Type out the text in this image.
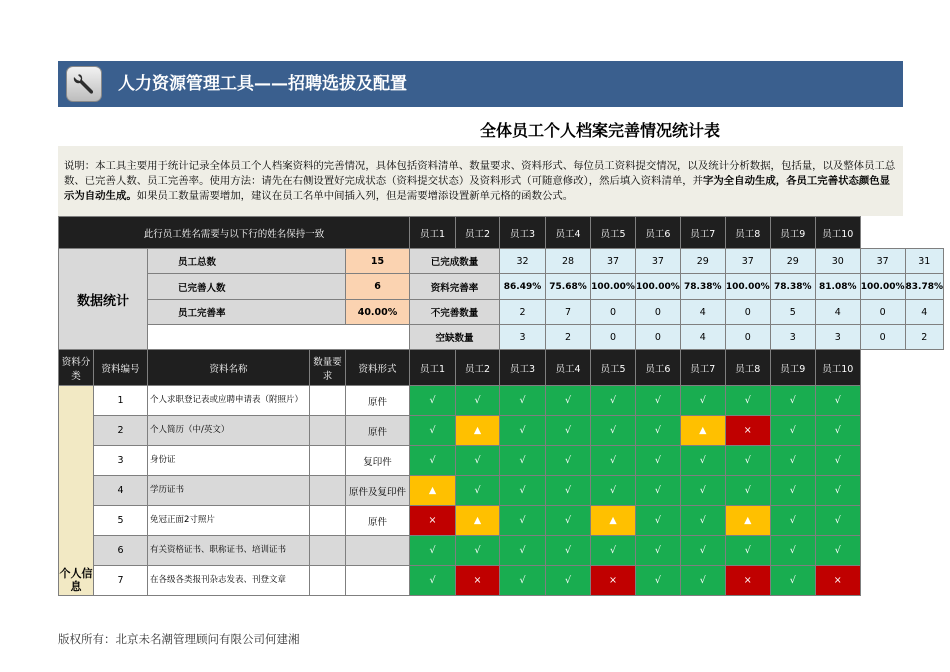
人力资源管理工具——招聘选拔及配置
全体员工个人档案完善情况统计表
说明：本工具主要用于统计记录全体员工个人档案资料的完善情况，具体包括资料清单、数量要求、资料形式、每位员工资料提交情况，以及统计分析数据，包括量，以及整体员工总数、已完善人数、员工完善率。使用方法：请先在右侧设置好完成状态（资料提交状态）及资料形式（可随意修改），然后填入资料清单，并字为全自动生成，各员工完善状态颜色显示为自动生成。如果员工数量需要增加，建议在员工名单中间插入列，但是需要增添设置新单元格的函数公式。
此行员工姓名需要与以下行的姓名保持一致					员工1	员工2	员工3	员工4	员工5	员工6	员工7	员工8	员工9	员工10		
数据统计		员工总数		15	已完成数量		32	28	37	37	29	37	29	30	37	31
		已完善人数		6	资料完善率		86.49%	75.68%	100.00%	100.00%	78.38%	100.00%	78.38%	81.08%	100.00%	83.78%
		员工完善率		40.00%	不完善数量		2	7	0	0	4	0	5	4	0	4
					空缺数量		3	2	0	0	4	0	3	3	0	2
资料分类	资料编号	资料名称	数量要求	资料形式	员工1	员工2	员工3	员工4	员工5	员工6	员工7	员工8	员工9	员工10		
个人信息	1	个人求职登记表或应聘申请表（附照片）		原件	√	√	√	√	√	√	√	√	√	√		
	2	个人简历（中/英文）		原件	√	▲	√	√	√	√	▲	×	√	√		
	3	身份证		复印件	√	√	√	√	√	√	√	√	√	√		
	4	学历证书		原件及复印件	▲	√	√	√	√	√	√	√	√	√		
	5	免冠正面2寸照片		原件	×	▲	√	√	▲	√	√	▲	√	√		
	6	有关资格证书、职称证书、培训证书			√	√	√	√	√	√	√	√	√	√		
	7	在各级各类报刊杂志发表、刊登文章			√	×	√	√	×	√	√	×	√	×		
版权所有：北京未名潮管理顾问有限公司何建湘
